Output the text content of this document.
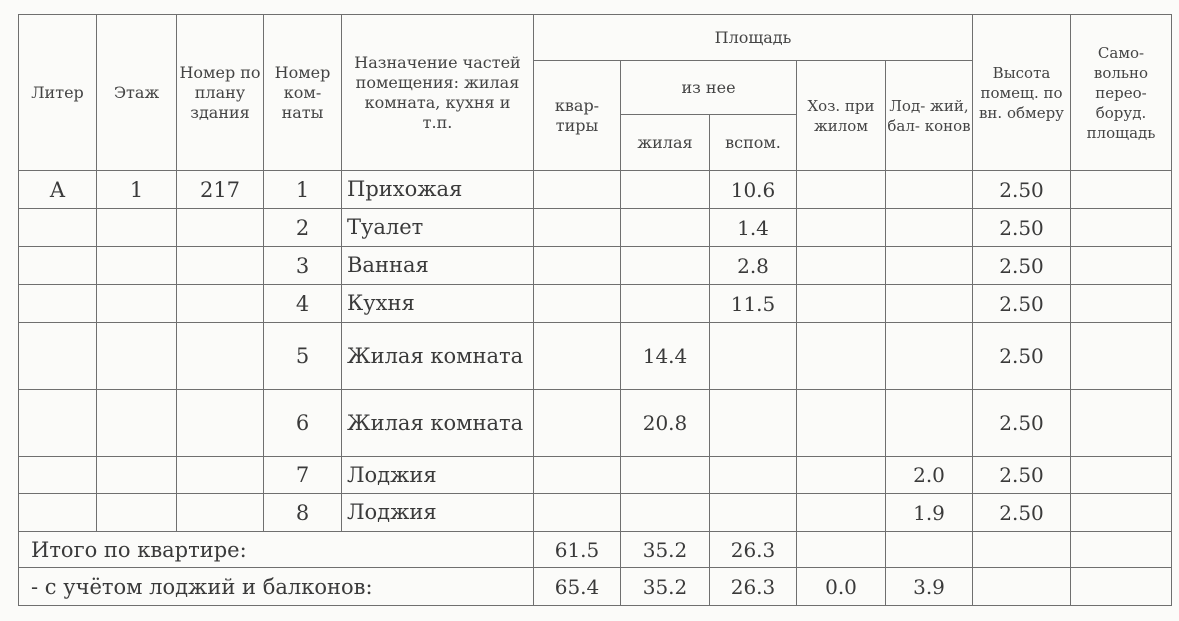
Литер	Этаж	Номер по плану здания	Номер ком- наты	Назначение частей помещения: жилая комната, кухня и т.п.	Площадь					Высота помещ. по вн. обмеру	Само- вольно перео- боруд. площадь
					квар- тиры	из нее		Хоз. при жилом	Лод- жий, бал- конов		
						жилая	вспом.				
А	1	217	1	Прихожая			10.6			2.50	
			2	Туалет			1.4			2.50	
			3	Ванная			2.8			2.50	
			4	Кухня			11.5			2.50	
			5	Жилая комната		14.4				2.50	
			6	Жилая комната		20.8				2.50	
			7	Лоджия					2.0	2.50	
			8	Лоджия					1.9	2.50	
Итого по квартире:					61.5	35.2	26.3				
- с учётом лоджий и балконов:					65.4	35.2	26.3	0.0	3.9		
